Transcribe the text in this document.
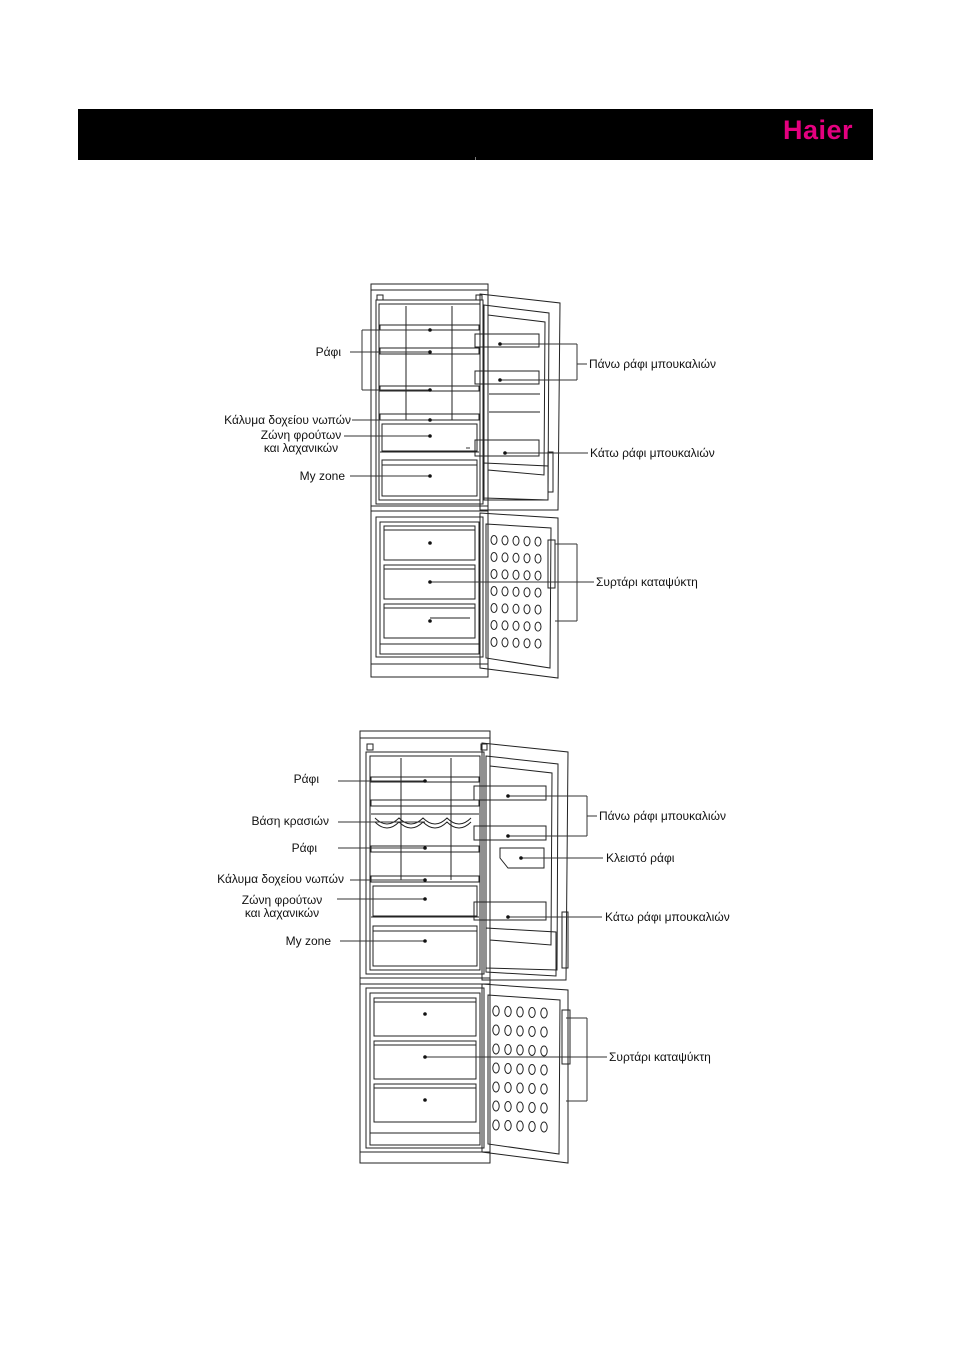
Haier
Ράφι
Κάλυμα δοχείου νωπών
Ζώνη φρούτων
και λαχανικών
My zone
Πάνω ράφι μπουκαλιών
Κάτω ράφι μπουκαλιών
Συρτάρι καταψύκτη
Ράφι
Βάση κρασιών
Ράφι
Κάλυμα δοχείου νωπών
Ζώνη φρούτων
και λαχανικών
My zone
Πάνω ράφι μπουκαλιών
Κλειστό ράφι
Κάτω ράφι μπουκαλιών
Συρτάρι καταψύκτη
